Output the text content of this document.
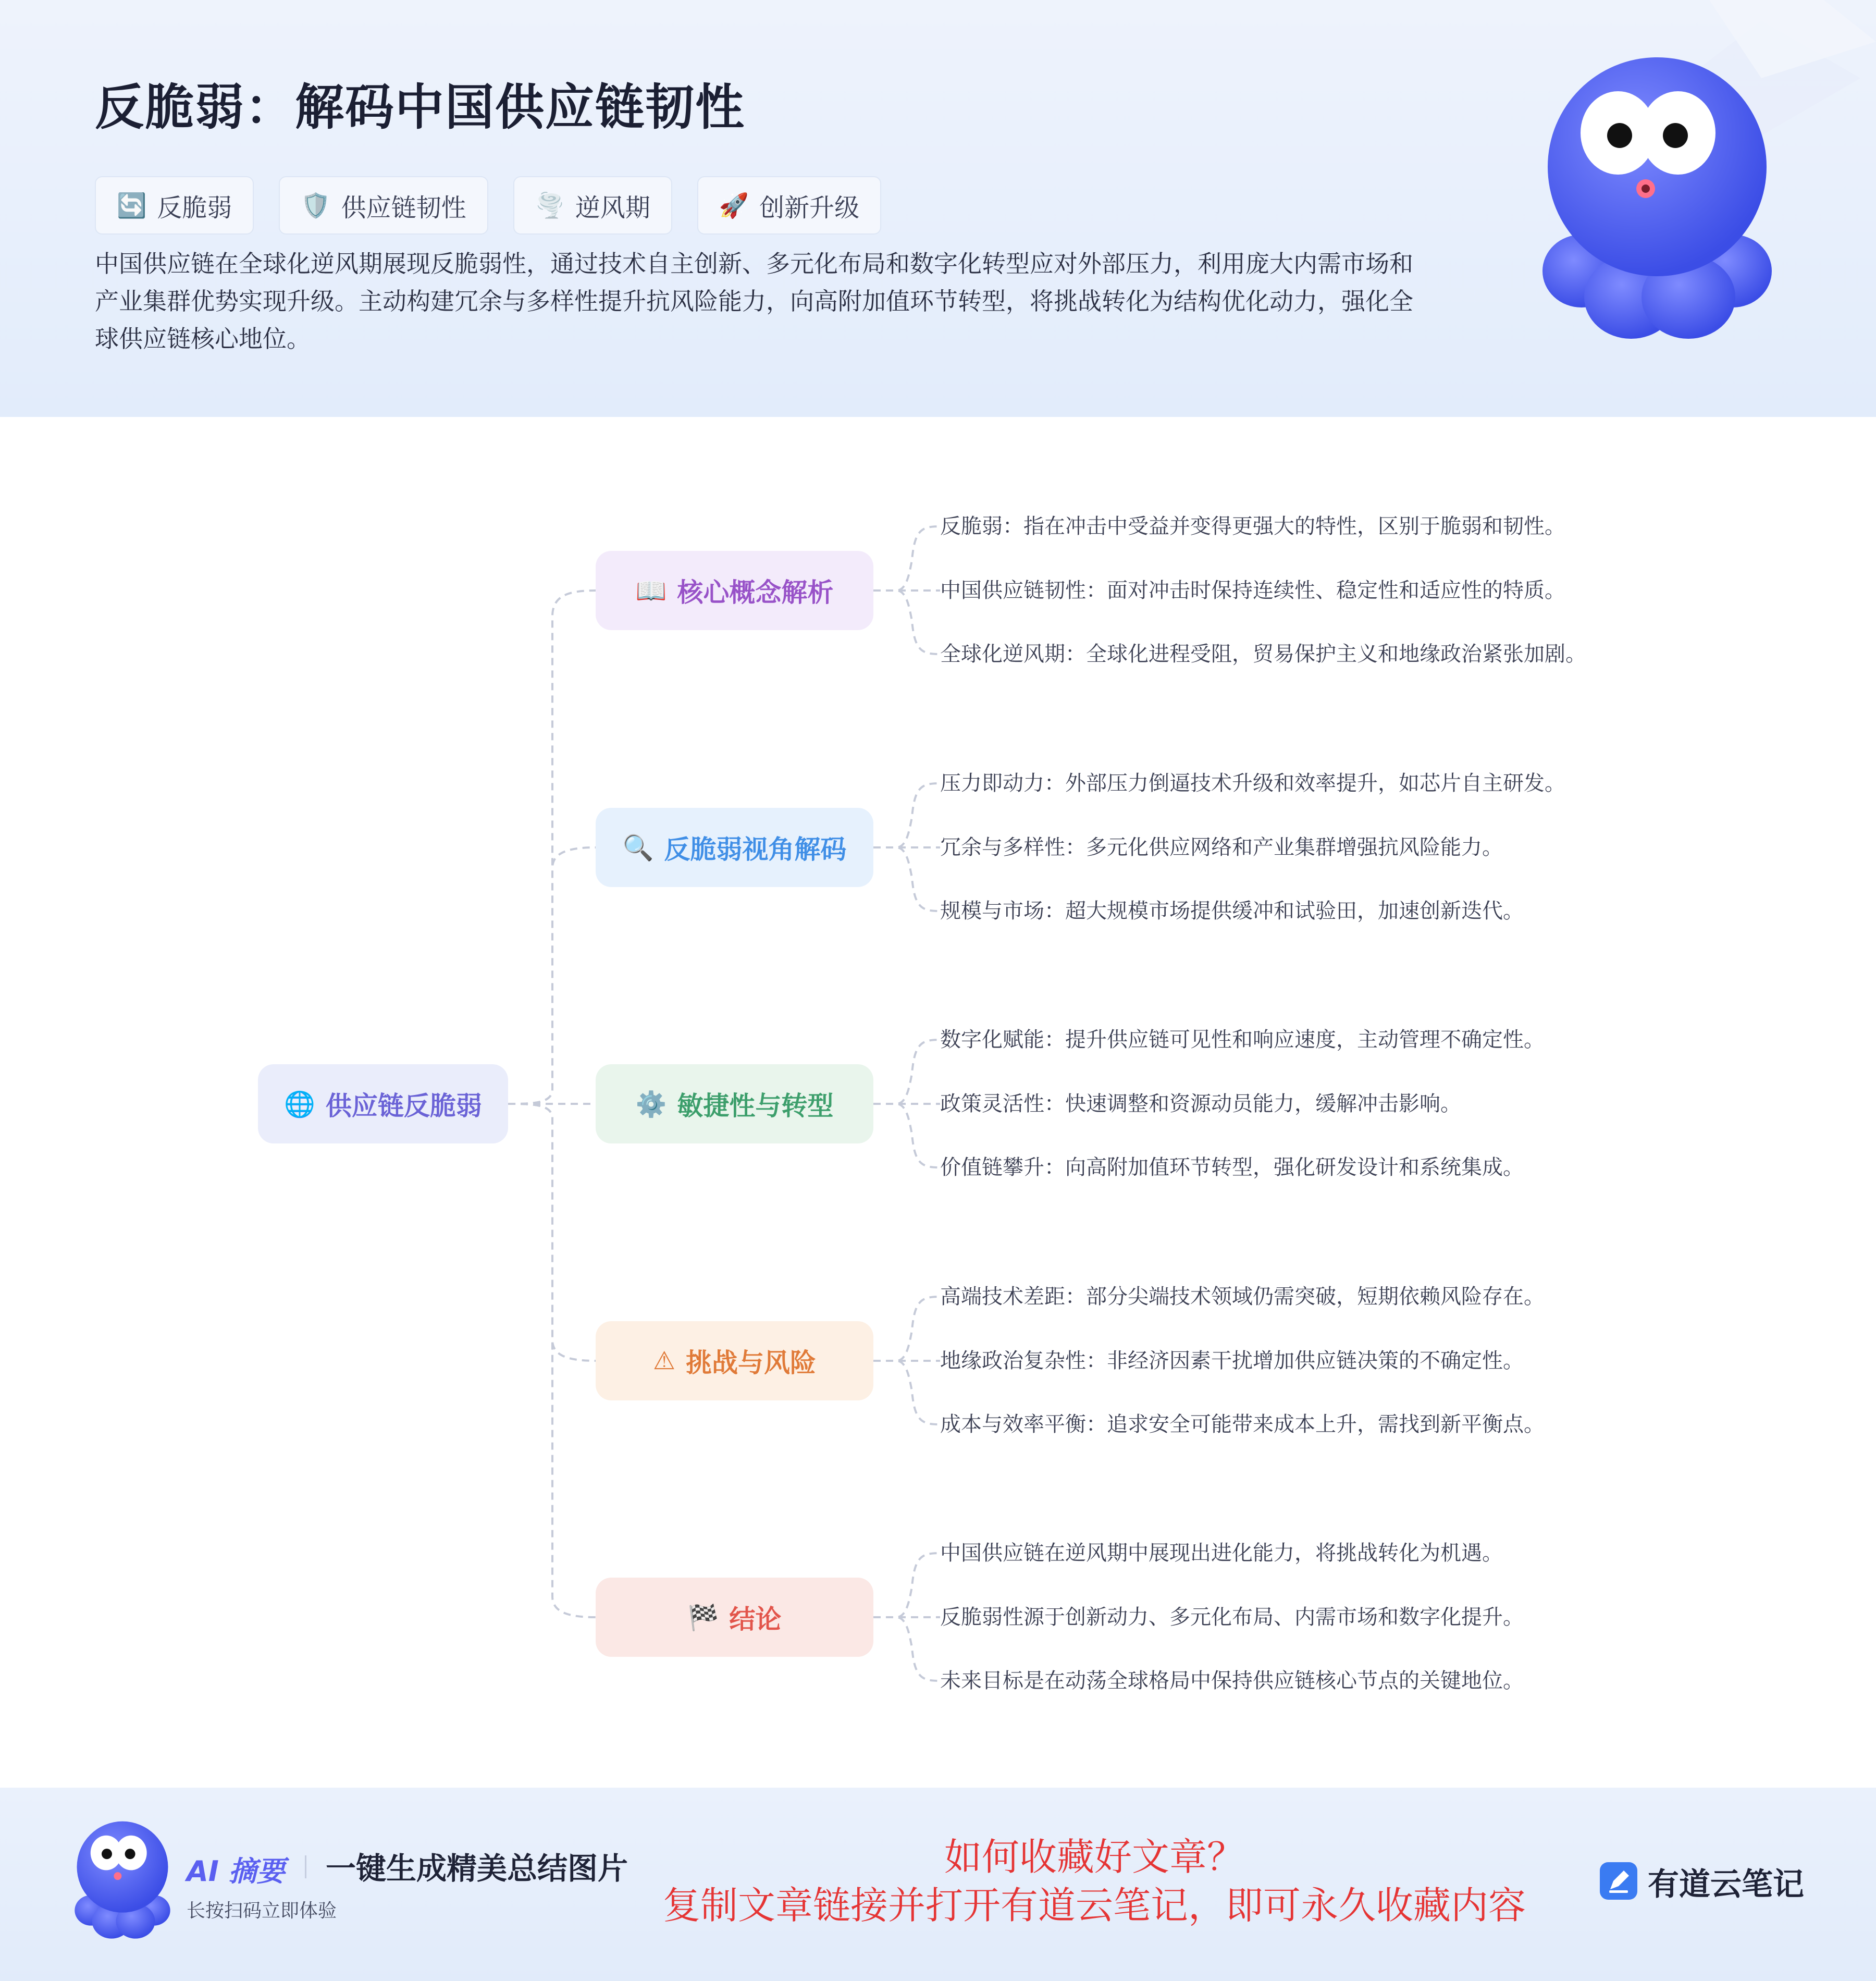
反脆弱：解码中国供应链韧性
🔄 反脆弱	🛡️ 供应链韧性	🌪️ 逆风期	🚀 创新升级
中国供应链在全球化逆风期展现反脆弱性，通过技术自主创新、多元化布局和数字化转型应对外部压力，利用庞大内需市场和产业集群优势实现升级。主动构建冗余与多样性提升抗风险能力，向高附加值环节转型，将挑战转化为结构优化动力，强化全球供应链核心地位。
🌐 供应链反脆弱
📖 核心概念解析
反脆弱：指在冲击中受益并变得更强大的特性，区别于脆弱和韧性。
中国供应链韧性：面对冲击时保持连续性、稳定性和适应性的特质。
全球化逆风期：全球化进程受阻，贸易保护主义和地缘政治紧张加剧。
🔍 反脆弱视角解码
压力即动力：外部压力倒逼技术升级和效率提升，如芯片自主研发。
冗余与多样性：多元化供应网络和产业集群增强抗风险能力。
规模与市场：超大规模市场提供缓冲和试验田，加速创新迭代。
⚙️ 敏捷性与转型
数字化赋能：提升供应链可见性和响应速度，主动管理不确定性。
政策灵活性：快速调整和资源动员能力，缓解冲击影响。
价值链攀升：向高附加值环节转型，强化研发设计和系统集成。
⚠ 挑战与风险
高端技术差距：部分尖端技术领域仍需突破，短期依赖风险存在。
地缘政治复杂性：非经济因素干扰增加供应链决策的不确定性。
成本与效率平衡：追求安全可能带来成本上升，需找到新平衡点。
🏁 结论
中国供应链在逆风期中展现出进化能力，将挑战转化为机遇。
反脆弱性源于创新动力、多元化布局、内需市场和数字化提升。
未来目标是在动荡全球格局中保持供应链核心节点的关键地位。
AI 摘要 一键生成精美总结图片
长按扫码立即体验
如何收藏好文章？
复制文章链接并打开有道云笔记，即可永久收藏内容	有道云笔记
